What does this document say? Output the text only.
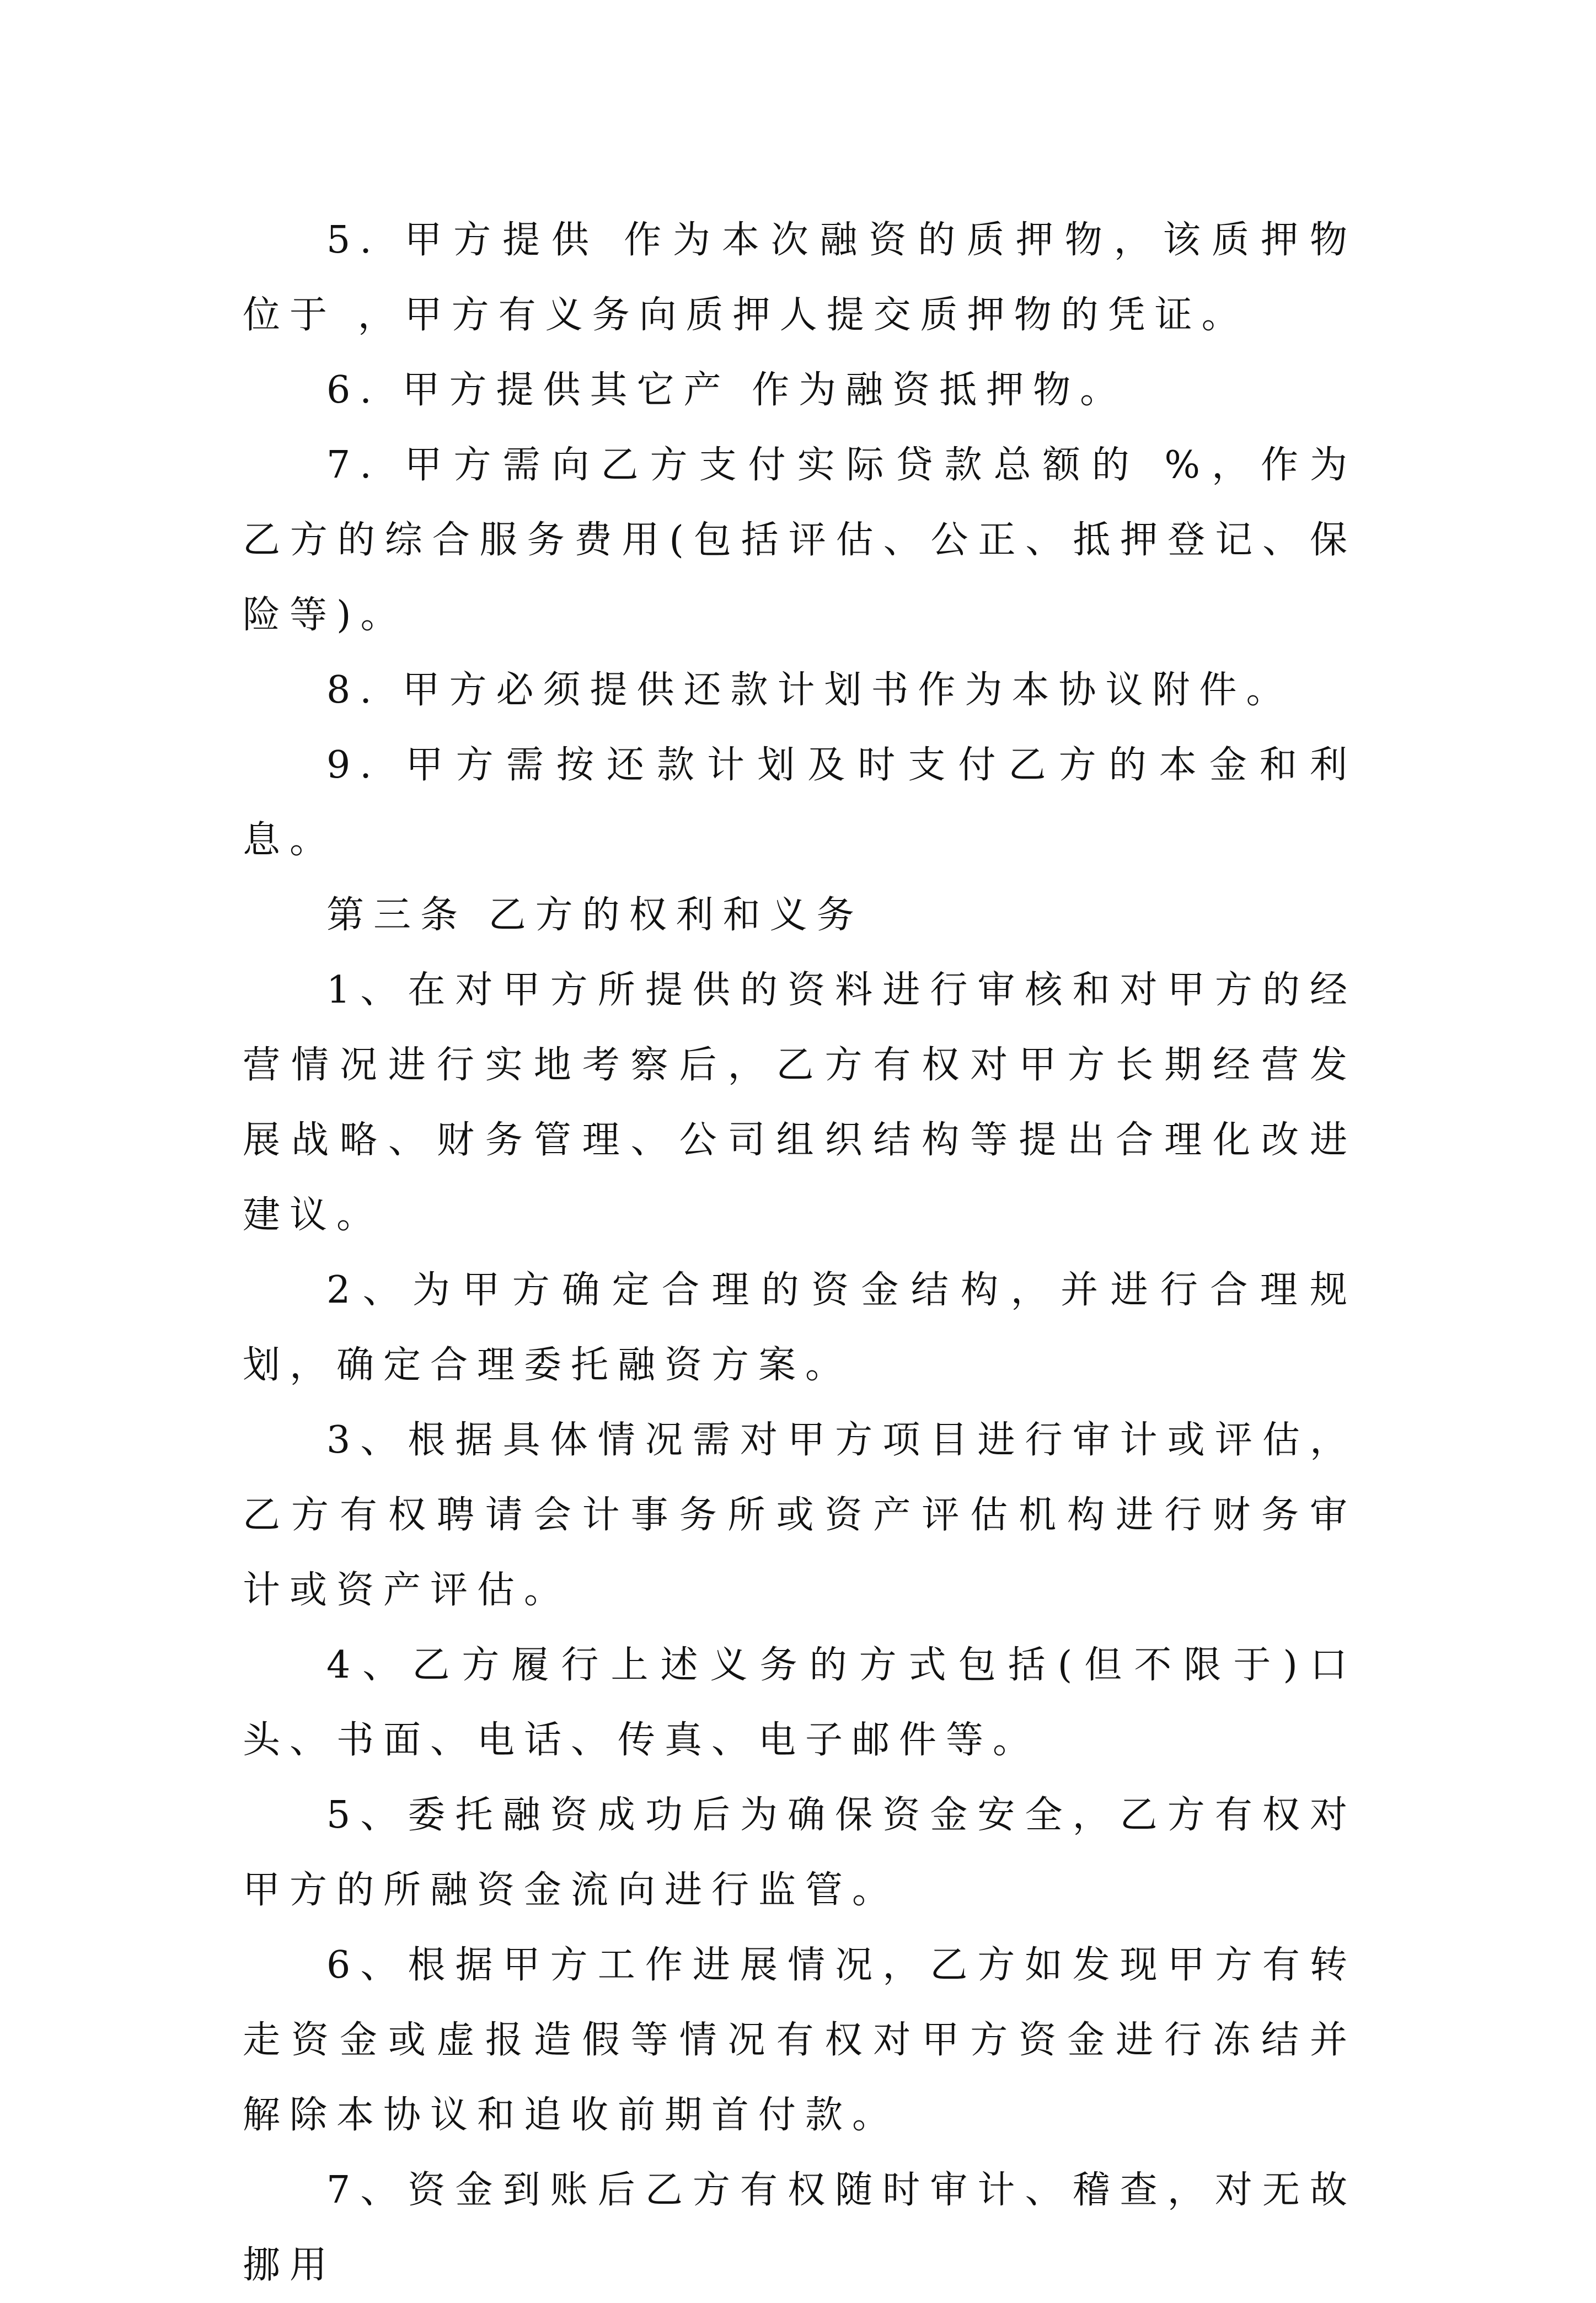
5. 甲方提供 作为本次融资的质押物，该质押物位于 ，甲方有义务向质押人提交质押物的凭证。

6. 甲方提供其它产 作为融资抵押物。

7. 甲方需向乙方支付实际贷款总额的 %，作为乙方的综合服务费用(包括评估、公正、抵押登记、保险等)。

8. 甲方必须提供还款计划书作为本协议附件。

9. 甲方需按还款计划及时支付乙方的本金和利息。

第三条 乙方的权利和义务

1、在对甲方所提供的资料进行审核和对甲方的经营情况进行实地考察后，乙方有权对甲方长期经营发展战略、财务管理、公司组织结构等提出合理化改进建议。

2、为甲方确定合理的资金结构，并进行合理规划，确定合理委托融资方案。

3、根据具体情况需对甲方项目进行审计或评估，乙方有权聘请会计事务所或资产评估机构进行财务审计或资产评估。

4、乙方履行上述义务的方式包括(但不限于)口头、书面、电话、传真、电子邮件等。

5、委托融资成功后为确保资金安全，乙方有权对甲方的所融资金流向进行监管。

6、根据甲方工作进展情况，乙方如发现甲方有转走资金或虚报造假等情况有权对甲方资金进行冻结并解除本协议和追收前期首付款。

7、资金到账后乙方有权随时审计、稽查，对无故挪用
